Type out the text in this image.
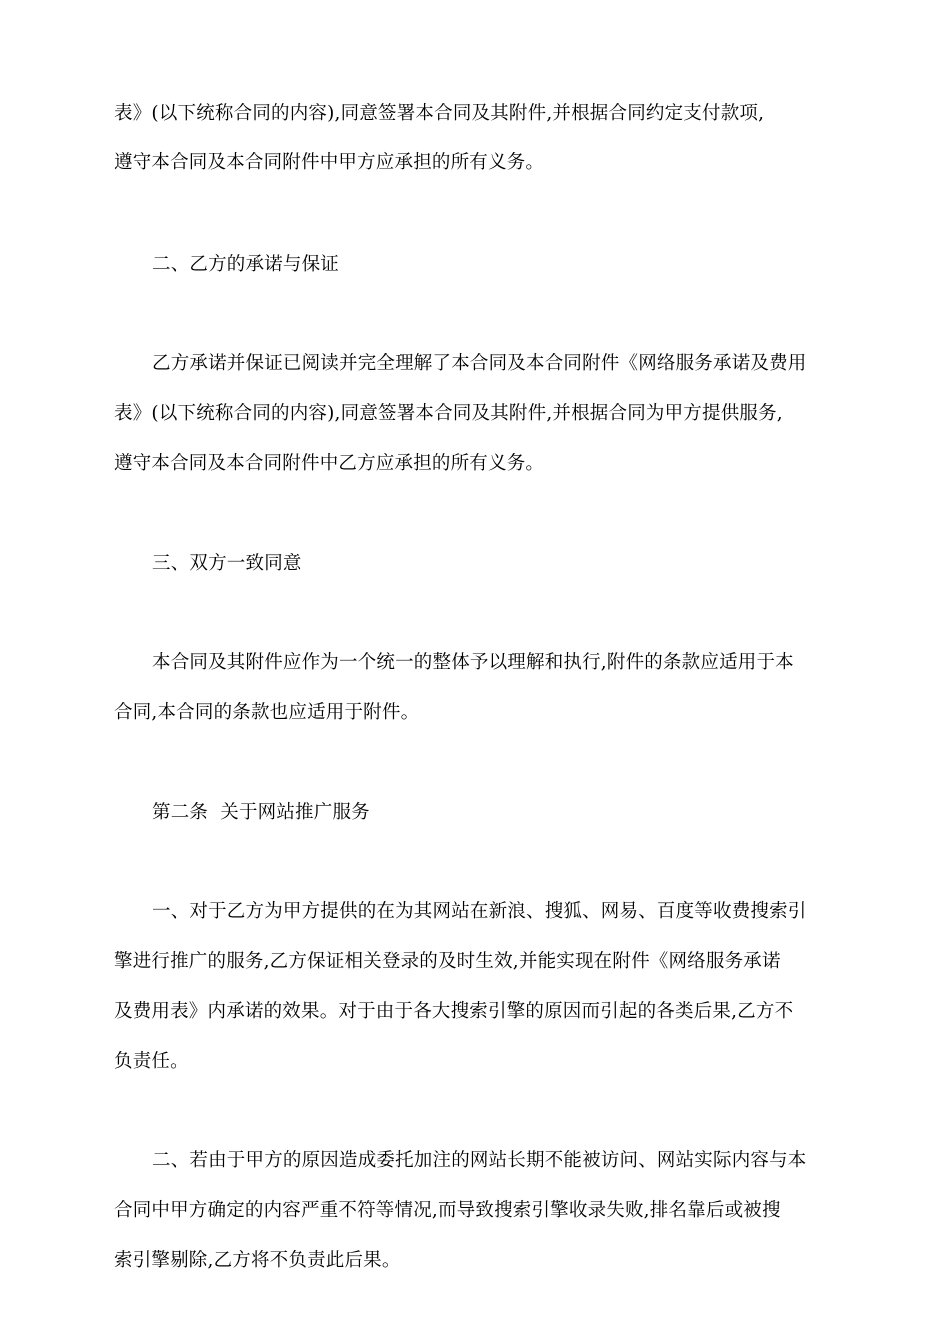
表》(以下统称合同的内容),同意签署本合同及其附件,并根据合同约定支付款项,
遵守本合同及本合同附件中甲方应承担的所有义务。
二、乙方的承诺与保证
乙方承诺并保证已阅读并完全理解了本合同及本合同附件《网络服务承诺及费用
表》(以下统称合同的内容),同意签署本合同及其附件,并根据合同为甲方提供服务,
遵守本合同及本合同附件中乙方应承担的所有义务。
三、双方一致同意
本合同及其附件应作为一个统一的整体予以理解和执行,附件的条款应适用于本
合同,本合同的条款也应适用于附件。
第二条  关于网站推广服务
一、对于乙方为甲方提供的在为其网站在新浪、搜狐、网易、百度等收费搜索引
擎进行推广的服务,乙方保证相关登录的及时生效,并能实现在附件《网络服务承诺
及费用表》内承诺的效果。对于由于各大搜索引擎的原因而引起的各类后果,乙方不
负责任。
二、若由于甲方的原因造成委托加注的网站长期不能被访问、网站实际内容与本
合同中甲方确定的内容严重不符等情况,而导致搜索引擎收录失败,排名靠后或被搜
索引擎剔除,乙方将不负责此后果。
